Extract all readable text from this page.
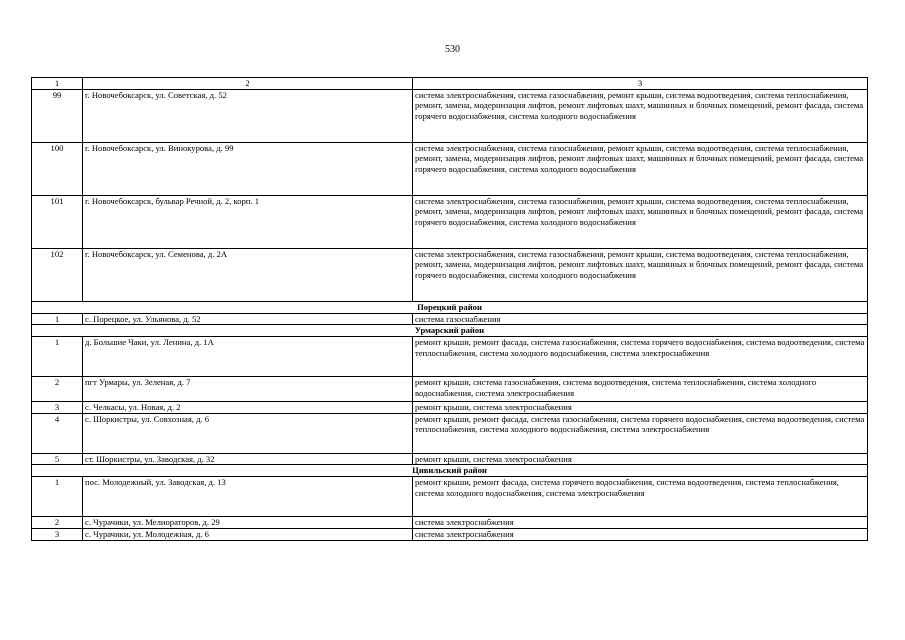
530
1	2	3
99	г. Новочебоксарск, ул. Советская, д. 52	система электроснабжения, система газоснабжения, ремонт крыши, система водоотведения, система теплоснабжения, ремонт, замена, модернизация лифтов, ремонт лифтовых шахт, машинных и блочных помещений, ремонт фасада, система горячего водоснабжения, система холодного водоснабжения
100	г. Новочебоксарск, ул. Винокурова, д. 99	система электроснабжения, система газоснабжения, ремонт крыши, система водоотведения, система теплоснабжения, ремонт, замена, модернизация лифтов, ремонт лифтовых шахт, машинных и блочных помещений, ремонт фасада, система горячего водоснабжения, система холодного водоснабжения
101	г. Новочебоксарск, бульвар Речной, д. 2, корп. 1	система электроснабжения, система газоснабжения, ремонт крыши, система водоотведения, система теплоснабжения, ремонт, замена, модернизация лифтов, ремонт лифтовых шахт, машинных и блочных помещений, ремонт фасада, система горячего водоснабжения, система холодного водоснабжения
102	г. Новочебоксарск, ул. Семенова, д. 2А	система электроснабжения, система газоснабжения, ремонт крыши, система водоотведения, система теплоснабжения, ремонт, замена, модернизация лифтов, ремонт лифтовых шахт, машинных и блочных помещений, ремонт фасада, система горячего водоснабжения, система холодного водоснабжения
Порецкий район		
1	с. Порецкое, ул. Ульянова, д. 52	система газоснабжения
Урмарский район		
1	д. Большие Чаки, ул. Ленина, д. 1А	ремонт крыши, ремонт фасада, система газоснабжения, система горячего водоснабжения, система водоотведения, система теплоснабжения, система холодного водоснабжения, система электроснабжения
2	пгт Урмары, ул. Зеленая, д. 7	ремонт крыши, система газоснабжения, система водоотведения, система теплоснабжения, система холодного водоснабжения, система электроснабжения
3	с. Челкасы, ул. Новая, д. 2	ремонт крыши, система электроснабжения
4	с. Шоркистры, ул. Совхозная, д. 6	ремонт крыши, ремонт фасада, система газоснабжения, система горячего водоснабжения, система водоотведения, система теплоснабжения, система холодного водоснабжения, система электроснабжения
5	ст. Шоркистры, ул. Заводская, д. 32	ремонт крыши, система электроснабжения
Цивильский район		
1	пос. Молодежный, ул. Заводская, д. 13	ремонт крыши, ремонт фасада, система горячего водоснабжения, система водоотведения, система теплоснабжения, система холодного водоснабжения, система электроснабжения
2	с. Чурачики, ул. Мелиораторов, д. 29	система электроснабжения
3	с. Чурачики, ул. Молодежная, д. 6	система электроснабжения
